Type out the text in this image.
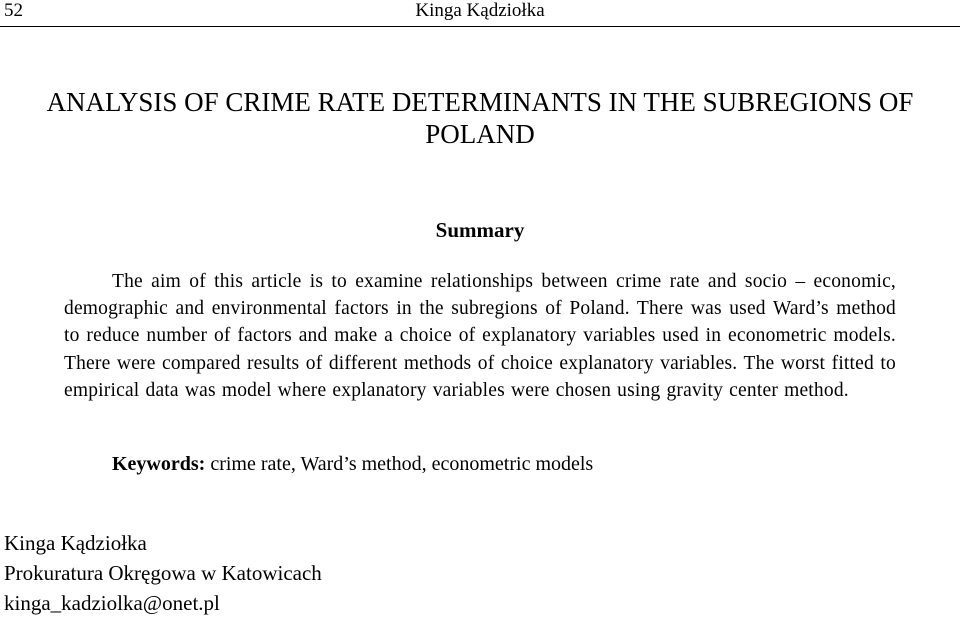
52	Kinga Kądziołka
ANALYSIS OF CRIME RATE DETERMINANTS IN THE SUBREGIONS OF POLAND
Summary

The aim of this article is to examine relationships between crime rate and socio – economic, demographic and environmental factors in the subregions of Poland. There was used Ward’s method to reduce number of factors and make a choice of explanatory variables used in econometric models. There were compared results of different methods of choice explanatory variables. The worst fitted to empirical data was model where explanatory variables were chosen using gravity center method.

Keywords: crime rate, Ward’s method, econometric models
Kinga Kądziołka
Prokuratura Okręgowa w Katowicach
kinga_kadziolka@onet.pl
